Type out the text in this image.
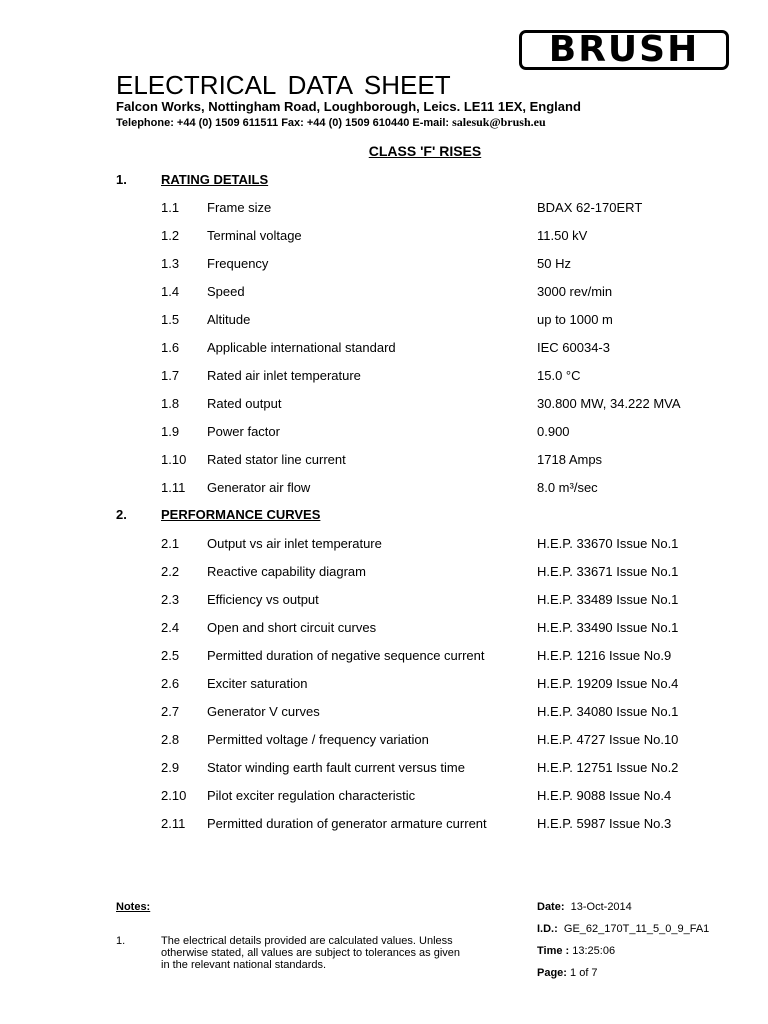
BRUSH
ELECTRICAL DATA SHEET
Falcon Works, Nottingham Road, Loughborough, Leics. LE11 1EX, England
Telephone: +44 (0) 1509 611511 Fax: +44 (0) 1509 610440 E-mail: salesuk@brush.eu
CLASS 'F' RISES
1.	RATING DETAILS
1.1 Frame size	BDAX 62-170ERT
1.2 Terminal voltage	11.50 kV
1.3 Frequency	50 Hz
1.4 Speed	3000 rev/min
1.5 Altitude	up to 1000 m
1.6 Applicable international standard	IEC 60034-3
1.7 Rated air inlet temperature	15.0 °C
1.8 Rated output	30.800 MW, 34.222 MVA
1.9 Power factor	0.900
1.10 Rated stator line current	1718 Amps
1.11 Generator air flow	8.0 m³/sec
2.	PERFORMANCE CURVES
2.1 Output vs air inlet temperature	H.E.P. 33670 Issue No.1
2.2 Reactive capability diagram	H.E.P. 33671 Issue No.1
2.3 Efficiency vs output	H.E.P. 33489 Issue No.1
2.4 Open and short circuit curves	H.E.P. 33490 Issue No.1
2.5 Permitted duration of negative sequence current	H.E.P. 1216 Issue No.9
2.6 Exciter saturation	H.E.P. 19209 Issue No.4
2.7 Generator V curves	H.E.P. 34080 Issue No.1
2.8 Permitted voltage / frequency variation	H.E.P. 4727 Issue No.10
2.9 Stator winding earth fault current versus time	H.E.P. 12751 Issue No.2
2.10 Pilot exciter regulation characteristic	H.E.P. 9088 Issue No.4
2.11 Permitted duration of generator armature current	H.E.P. 5987 Issue No.3
Notes:
1.	The electrical details provided are calculated values. Unless
otherwise stated, all values are subject to tolerances as given
in the relevant national standards.
Date: 13-Oct-2014
I.D.: GE_62_170T_11_5_0_9_FA1
Time : 13:25:06
Page: 1 of 7
